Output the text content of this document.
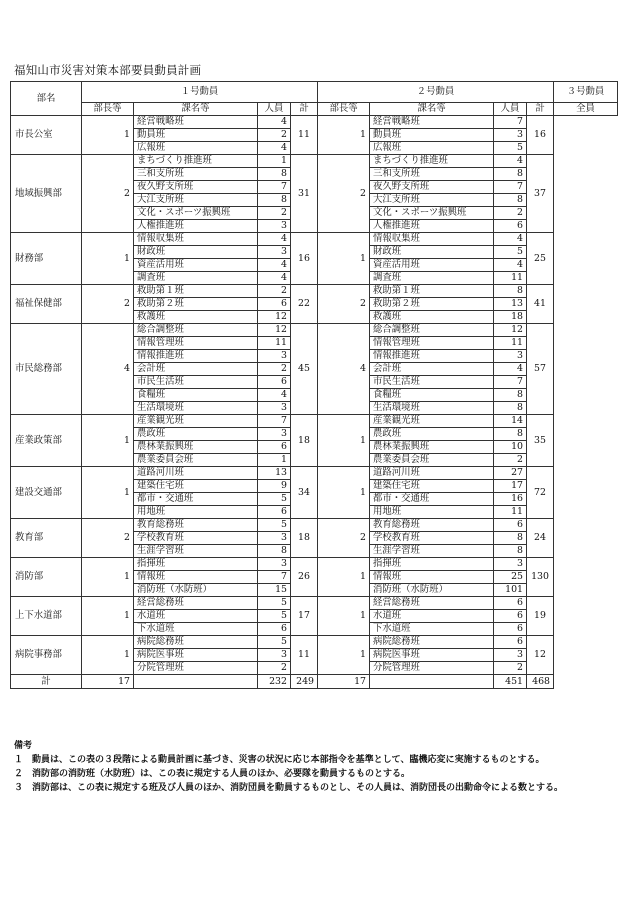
福知山市災害対策本部要員動員計画
部名	１号動員				２号動員				３号動員
	部長等	課名等	人員	計	部長等	課名等	人員	計	全員
市長公室	1	経営戦略班	4	11	1	経営戦略班	7	16	
		動員班	2			動員班	3		
		広報班	4			広報班	5		
地域振興部	2	まちづくり推進班	1	31	2	まちづくり推進班	4	37	
		三和支所班	8			三和支所班	8		
		夜久野支所班	7			夜久野支所班	7		
		大江支所班	8			大江支所班	8		
		文化・スポーツ振興班	2			文化・スポーツ振興班	2		
		人権推進班	3			人権推進班	6		
財務部	1	情報収集班	4	16	1	情報収集班	4	25	
		財政班	3			財政班	5		
		資産活用班	4			資産活用班	4		
		調査班	4			調査班	11		
福祉保健部	2	救助第１班	2	22	2	救助第１班	8	41	
		救助第２班	6			救助第２班	13		
		救護班	12			救護班	18		
市民総務部	4	総合調整班	12	45	4	総合調整班	12	57	
		情報管理班	11			情報管理班	11		
		情報推進班	3			情報推進班	3		
		会計班	2			会計班	4		
		市民生活班	6			市民生活班	7		
		食糧班	4			食糧班	8		
		生活環境班	3			生活環境班	8		
産業政策部	1	産業観光班	7	18	1	産業観光班	14	35	
		農政班	3			農政班	8		
		農林業振興班	6			農林業振興班	10		
		農業委員会班	1			農業委員会班	2		
建設交通部	1	道路河川班	13	34	1	道路河川班	27	72	
		建築住宅班	9			建築住宅班	17		
		都市・交通班	5			都市・交通班	16		
		用地班	6			用地班	11		
教育部	2	教育総務班	5	18	2	教育総務班	6	24	
		学校教育班	3			学校教育班	8		
		生涯学習班	8			生涯学習班	8		
消防部	1	指揮班	3	26	1	指揮班	3	130	
		情報班	7			情報班	25		
		消防班（水防班）	15			消防班（水防班）	101		
上下水道部	1	経営総務班	5	17	1	経営総務班	6	19	
		水道班	5			水道班	6		
		下水道班	6			下水道班	6		
病院事務部	1	病院総務班	5	11	1	病院総務班	6	12	
		病院医事班	3			病院医事班	3		
		分院管理班	2			分院管理班	2		
計	17		232	249	17		451	468	
備考
１ 動員は、この表の３段階による動員計画に基づき、災害の状況に応じ本部指令を基準として、臨機応変に実施するものとする。
２ 消防部の消防班（水防班）は、この表に規定する人員のほか、必要隊を動員するものとする。
３ 消防部は、この表に規定する班及び人員のほか、消防団員を動員するものとし、その人員は、消防団長の出動命令による数とする。
